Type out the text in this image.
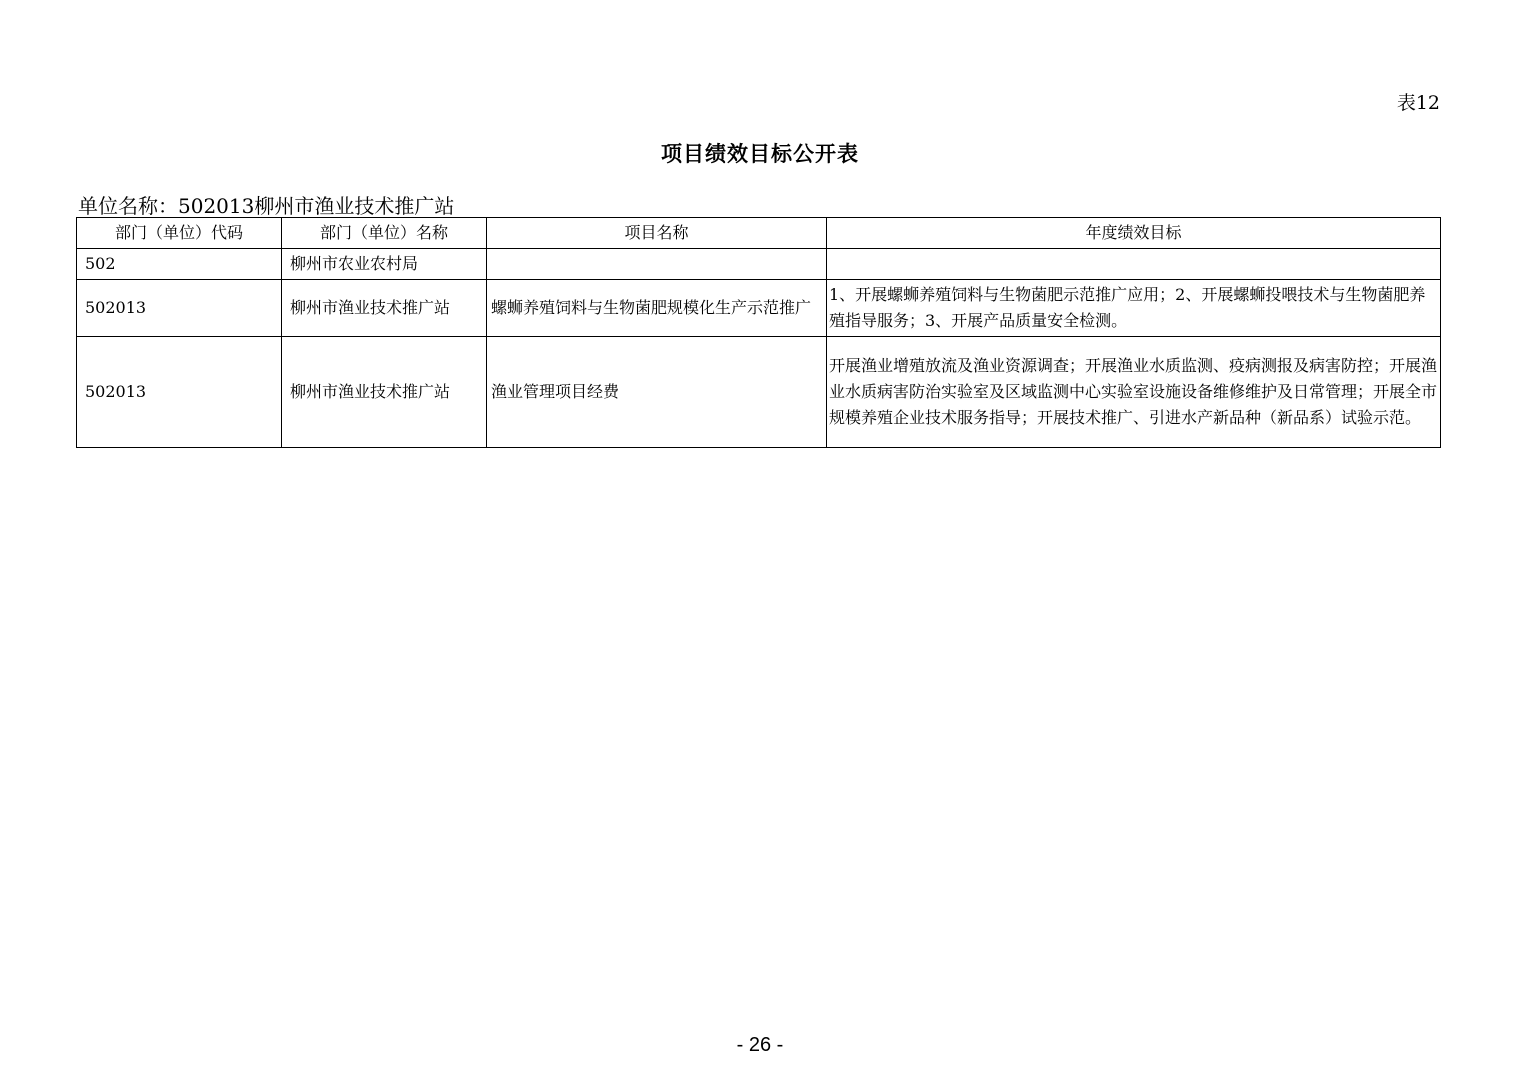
表12
项目绩效目标公开表
单位名称：502013柳州市渔业技术推广站
部门（单位）代码	部门（单位）名称	项目名称	年度绩效目标
502	柳州市农业农村局		
502013	柳州市渔业技术推广站	螺蛳养殖饲料与生物菌肥规模化生产示范推广	1、开展螺蛳养殖饲料与生物菌肥示范推广应用；2、开展螺蛳投喂技术与生物菌肥养殖指导服务；3、开展产品质量安全检测。
502013	柳州市渔业技术推广站	渔业管理项目经费	开展渔业增殖放流及渔业资源调查；开展渔业水质监测、疫病测报及病害防控；开展渔业水质病害防治实验室及区域监测中心实验室设施设备维修维护及日常管理；开展全市规模养殖企业技术服务指导；开展技术推广、引进水产新品种（新品系）试验示范。
- 26 -
